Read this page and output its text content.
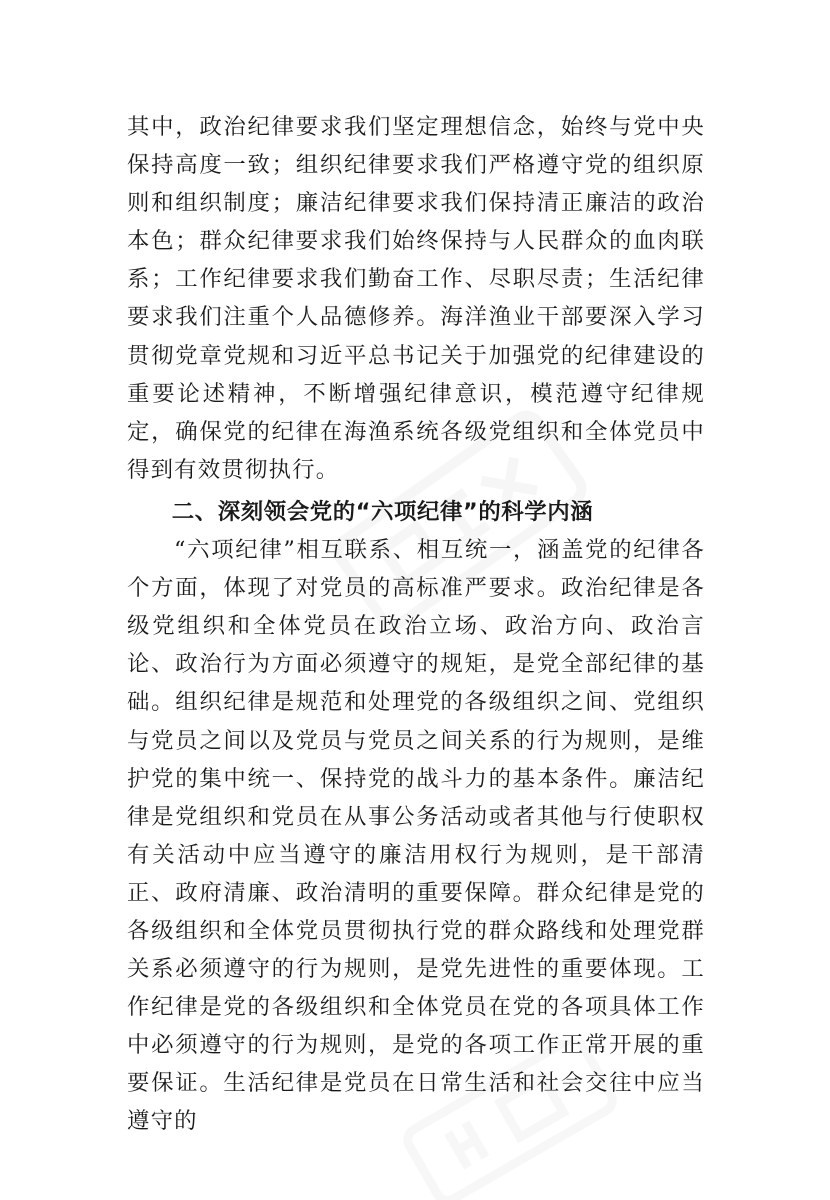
其中，政治纪律要求我们坚定理想信念，始终与党中央保持高度一致；组织纪律要求我们严格遵守党的组织原则和组织制度；廉洁纪律要求我们保持清正廉洁的政治本色；群众纪律要求我们始终保持与人民群众的血肉联系；工作纪律要求我们勤奋工作、尽职尽责；生活纪律要求我们注重个人品德修养。海洋渔业干部要深入学习贯彻党章党规和习近平总书记关于加强党的纪律建设的重要论述精神，不断增强纪律意识，模范遵守纪律规定，确保党的纪律在海渔系统各级党组织和全体党员中得到有效贯彻执行。

二、深刻领会党的“六项纪律”的科学内涵

“六项纪律”相互联系、相互统一，涵盖党的纪律各个方面，体现了对党员的高标准严要求。政治纪律是各级党组织和全体党员在政治立场、政治方向、政治言论、政治行为方面必须遵守的规矩，是党全部纪律的基础。组织纪律是规范和处理党的各级组织之间、党组织与党员之间以及党员与党员之间关系的行为规则，是维护党的集中统一、保持党的战斗力的基本条件。廉洁纪律是党组织和党员在从事公务活动或者其他与行使职权有关活动中应当遵守的廉洁用权行为规则，是干部清正、政府清廉、政治清明的重要保障。群众纪律是党的各级组织和全体党员贯彻执行党的群众路线和处理党群关系必须遵守的行为规则，是党先进性的重要体现。工作纪律是党的各级组织和全体党员在党的各项具体工作中必须遵守的行为规则，是党的各项工作正常开展的重要保证。生活纪律是党员在日常生活和社会交往中应当遵守的
